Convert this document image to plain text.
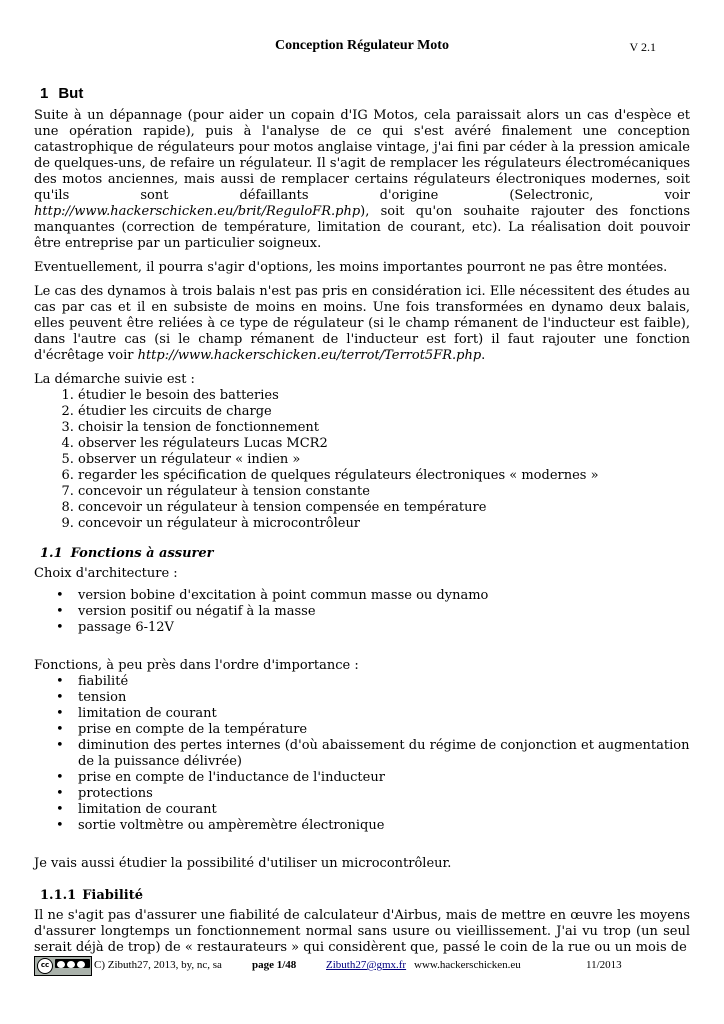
Conception Régulateur Moto	V 2.1
1 But

Suite à un dépannage (pour aider un copain d'IG Motos, cela paraissait alors un cas d'espèce et une opération rapide), puis à l'analyse de ce qui s'est avéré finalement une conception catastrophique de régulateurs pour motos anglaise vintage, j'ai fini par céder à la pression amicale de quelques-uns, de refaire un régulateur. Il s'agit de remplacer les régulateurs électromécaniques des motos anciennes, mais aussi de remplacer certains régulateurs électroniques modernes, soit qu'ils sont défaillants d'origine (Selectronic, voir http://www.hackerschicken.eu/brit/ReguloFR.php), soit qu'on souhaite rajouter des fonctions manquantes (correction de température, limitation de courant, etc). La réalisation doit pouvoir être entreprise par un particulier soigneux.

Eventuellement, il pourra s'agir d'options, les moins importantes pourront ne pas être montées.

Le cas des dynamos à trois balais n'est pas pris en considération ici. Elle nécessitent des études au cas par cas et il en subsiste de moins en moins. Une fois transformées en dynamo deux balais, elles peuvent être reliées à ce type de régulateur (si le champ rémanent de l'inducteur est faible), dans l'autre cas (si le champ rémanent de l'inducteur est fort) il faut rajouter une fonction d'écrêtage voir http://www.hackerschicken.eu/terrot/Terrot5FR.php.

La démarche suivie est :
1. étudier le besoin des batteries
2. étudier les circuits de charge
3. choisir la tension de fonctionnement
4. observer les régulateurs Lucas MCR2
5. observer un régulateur « indien »
6. regarder les spécification de quelques régulateurs électroniques « modernes »
7. concevoir un régulateur à tension constante
8. concevoir un régulateur à tension compensée en température
9. concevoir un régulateur à microcontrôleur
1.1 Fonctions à assurer
Choix d'architecture :
• version bobine d'excitation à point commun masse ou dynamo
• version positif ou négatif à la masse
• passage 6-12V
Fonctions, à peu près dans l'ordre d'importance :
• fiabilité
• tension
• limitation de courant
• prise en compte de la température
• diminution des pertes internes (d'où abaissement du régime de conjonction et augmentation de la puissance délivrée)
• prise en compte de l'inductance de l'inducteur
• protections
• limitation de courant
• sortie voltmètre ou ampèremètre électronique
Je vais aussi étudier la possibilité d'utiliser un microcontrôleur.
1.1.1 Fiabilité

Il ne s'agit pas d'assurer une fiabilité de calculateur d'Airbus, mais de mettre en œuvre les moyens d'assurer longtemps un fonctionnement normal sans usure ou vieillissement. J'ai vu trop (un seul serait déjà de trop) de « restaurateurs » qui considèrent que, passé le coin de la rue ou un mois de

cc	C) Zibuth27, 2013, by, nc, sa	page 1/48	Zibuth27@gmx.fr www.hackerschicken.eu	11/2013
